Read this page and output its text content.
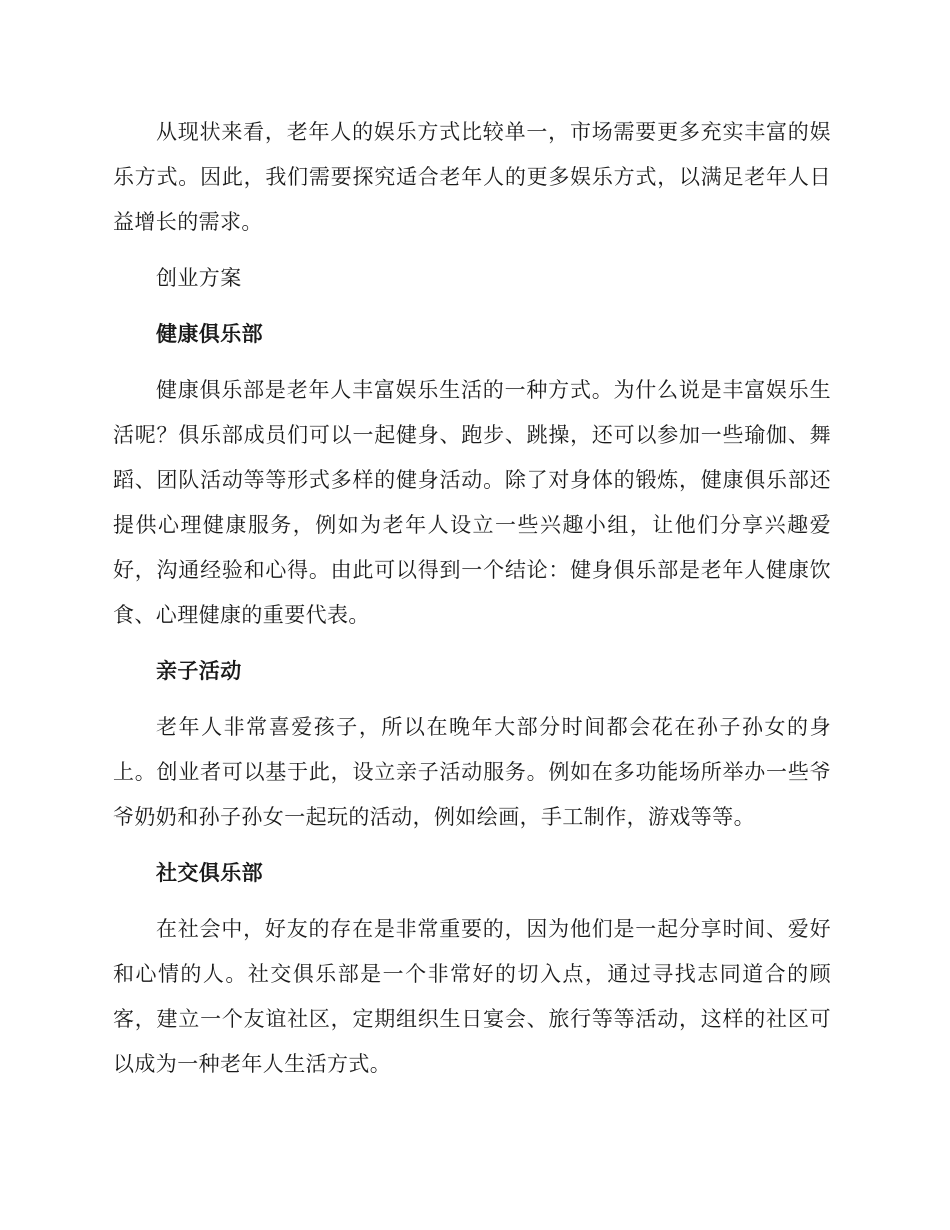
从现状来看，老年人的娱乐方式比较单一，市场需要更多充实丰富的娱乐方式。因此，我们需要探究适合老年人的更多娱乐方式，以满足老年人日益增长的需求。

创业方案
健康俱乐部

健康俱乐部是老年人丰富娱乐生活的一种方式。为什么说是丰富娱乐生活呢？俱乐部成员们可以一起健身、跑步、跳操，还可以参加一些瑜伽、舞蹈、团队活动等等形式多样的健身活动。除了对身体的锻炼，健康俱乐部还提供心理健康服务，例如为老年人设立一些兴趣小组，让他们分享兴趣爱好，沟通经验和心得。由此可以得到一个结论：健身俱乐部是老年人健康饮食、心理健康的重要代表。

亲子活动

老年人非常喜爱孩子，所以在晚年大部分时间都会花在孙子孙女的身上。创业者可以基于此，设立亲子活动服务。例如在多功能场所举办一些爷爷奶奶和孙子孙女一起玩的活动，例如绘画，手工制作，游戏等等。

社交俱乐部

在社会中，好友的存在是非常重要的，因为他们是一起分享时间、爱好和心情的人。社交俱乐部是一个非常好的切入点，通过寻找志同道合的顾客，建立一个友谊社区，定期组织生日宴会、旅行等等活动，这样的社区可以成为一种老年人生活方式。
